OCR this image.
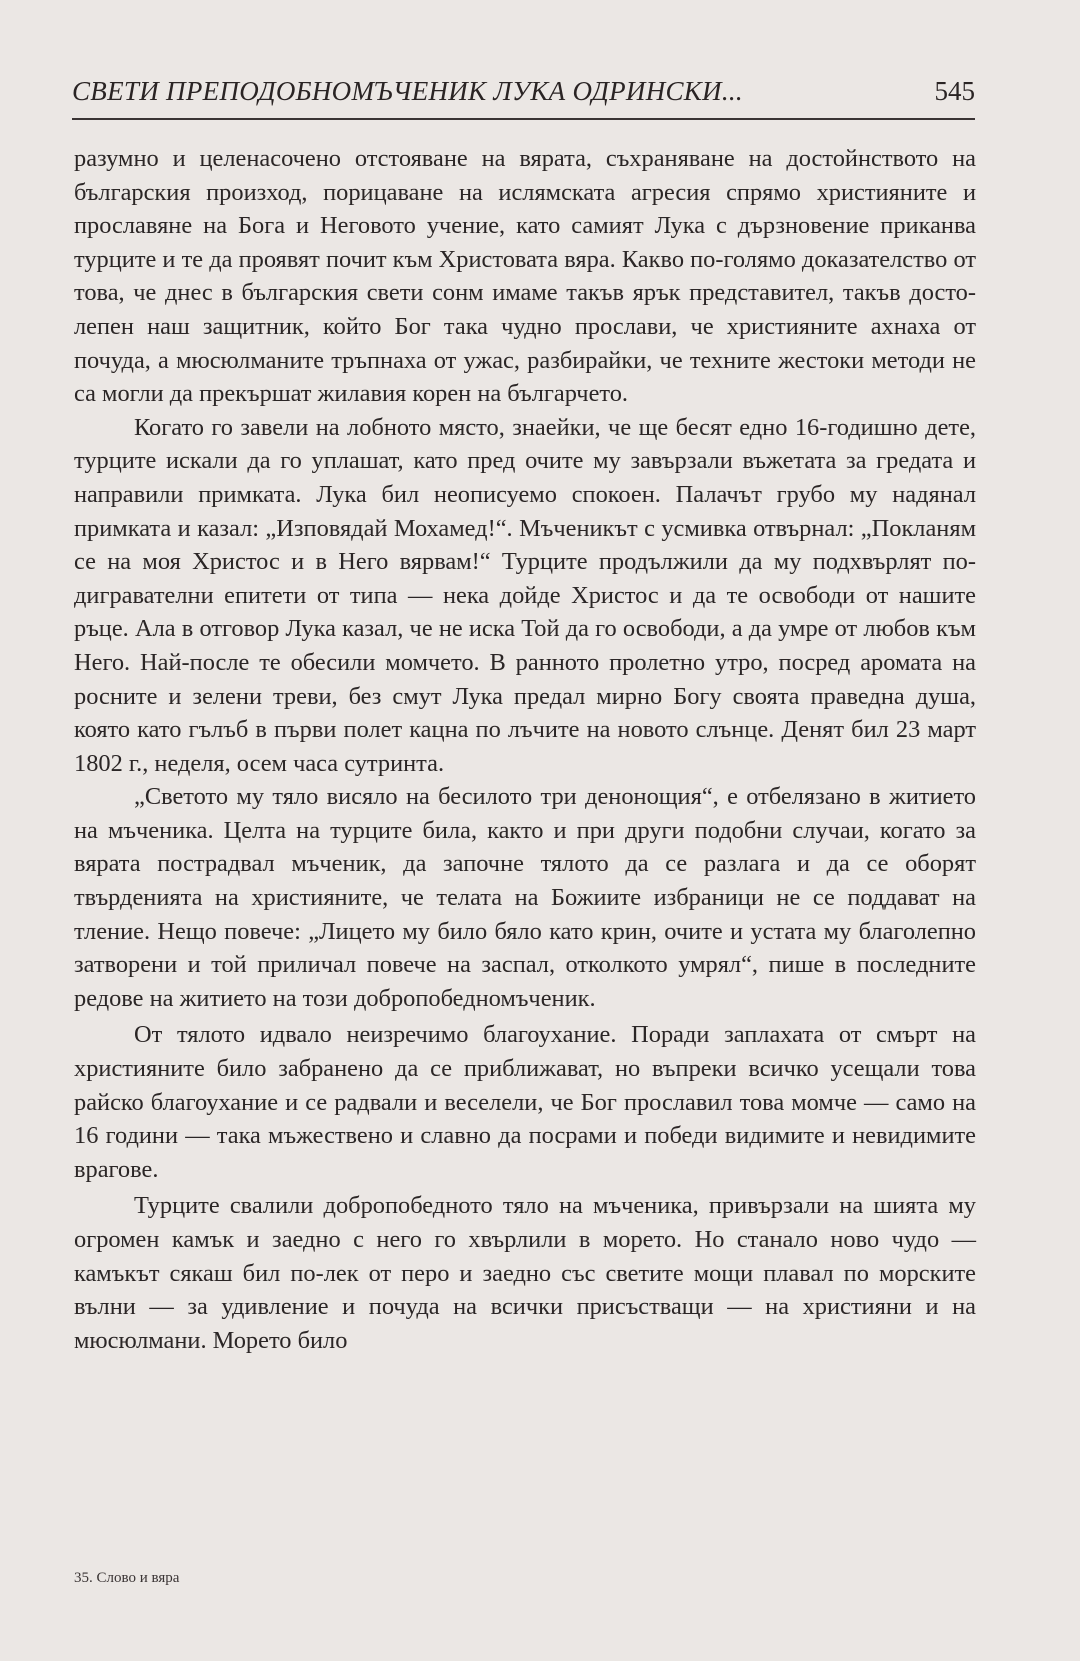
СВЕТИ ПРЕПОДОБНОМЪЧЕНИК ЛУКА ОДРИНСКИ...	545

разумно и целенасочено отстояване на вярата, съхраняване на достойнството на българския произход, порицаване на ислямската агресия спрямо християните и прославяне на Бога и Неговото учение, като самият Лука с дързновение приканва турците и те да проявят почит към Христовата вяра. Какво по-голямо доказателство от това, че днес в българския свети сонм имаме такъв ярък представител, такъв достолепен наш защитник, който Бог така чудно прослави, че християните ахнаха от почуда, а мюсюлманите тръпнаха от ужас, разбирайки, че техните жестоки методи не са могли да прекършат жилавия корен на българчето.

Когато го завели на лобното място, знаейки, че ще бесят едно 16-годишно дете, турците искали да го уплашат, като пред очите му завързали въжетата за гредата и направили примката. Лука бил неописуемо спокоен. Палачът грубо му надянал примката и казал: „Изповядай Мохамед!“. Мъченикът с усмивка отвърнал: „Покланям се на моя Христос и в Него вярвам!“ Турците продължили да му подхвърлят подигравателни епитети от типа — нека дойде Христос и да те освободи от нашите ръце. Ала в отговор Лука казал, че не иска Той да го освободи, а да умре от любов към Него. Най-после те обесили момчето. В ранното пролетно утро, посред аромата на росните и зелени треви, без смут Лука предал мирно Богу своята праведна душа, която като гълъб в първи полет кацна по лъчите на новото слънце. Денят бил 23 март 1802 г., неделя, осем часа сутринта.

„Светото му тяло висяло на бесилото три денонощия“, е отбелязано в житието на мъченика. Целта на турците била, както и при други подобни случаи, когато за вярата пострадвал мъченик, да започне тялото да се разлага и да се оборят твърденията на християните, че телата на Божиите избраници не се поддават на тление. Нещо повече: „Лицето му било бяло като крин, очите и устата му благолепно затворени и той приличал повече на заспал, отколкото умрял“, пише в последните редове на житието на този добропобедномъченик.

От тялото идвало неизречимо благоухание. Поради заплахата от смърт на християните било забранено да се приближават, но въпреки всичко усещали това райско благоухание и се радвали и веселели, че Бог прославил това момче — само на 16 години — така мъжествено и славно да посрами и победи видимите и невидимите врагове.

Турците свалили добропобедното тяло на мъченика, привързали на шията му огромен камък и заедно с него го хвърлили в морето. Но станало ново чудо — камъкът сякаш бил по-лек от перо и заедно със светите мощи плавал по морските вълни — за удивление и почуда на всички присъстващи — на християни и на мюсюлмани. Морето било

35. Слово и вяра
